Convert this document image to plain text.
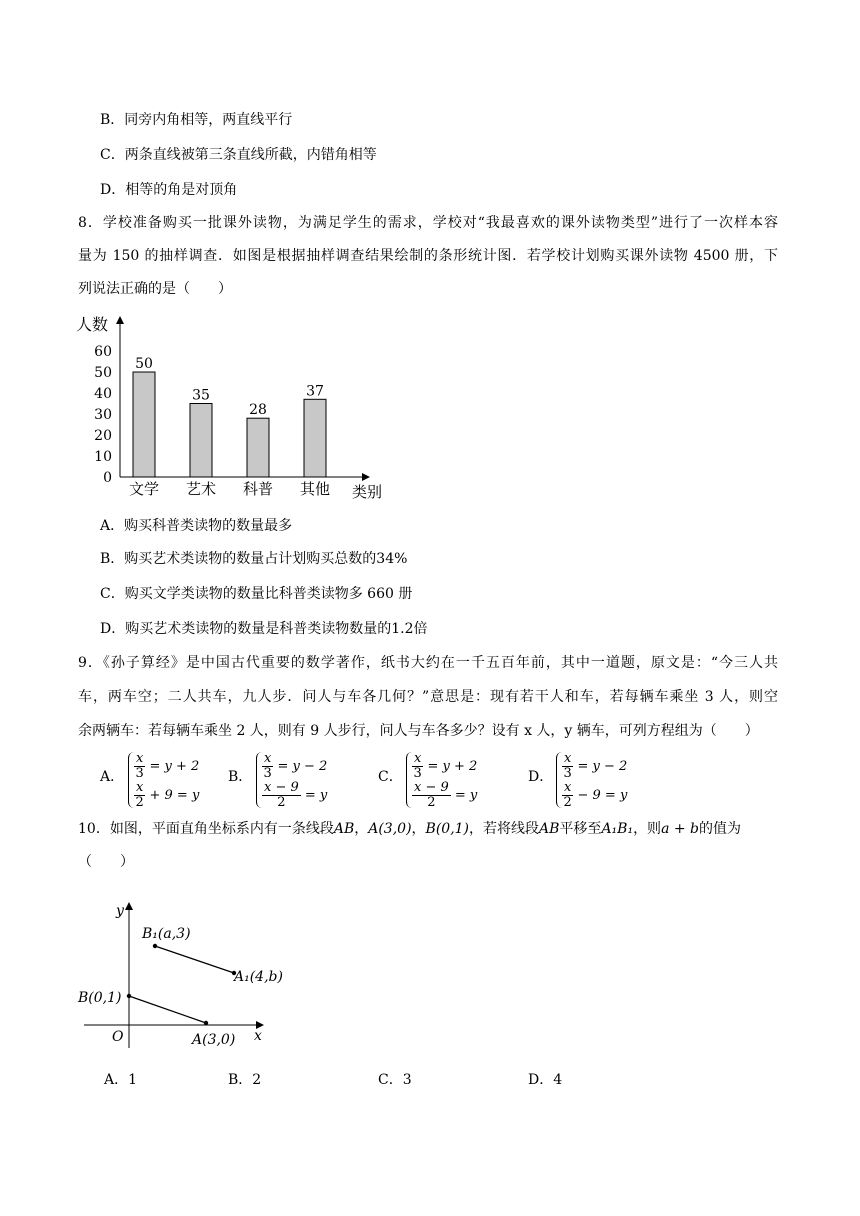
B．同旁内角相等，两直线平行
C．两条直线被第三条直线所截，内错角相等
D．相等的角是对顶角
8．学校准备购买一批课外读物，为满足学生的需求，学校对“我最喜欢的课外读物类型”进行了一次样本容
量为 150 的抽样调查．如图是根据抽样调查结果绘制的条形统计图．若学校计划购买课外读物 4500 册，下
列说法正确的是（　　）
人数
类别
0
10
20
30
40
50
60
50
文学
35
艺术
28
科普
37
其他
A．购买科普类读物的数量最多
B．购买艺术类读物的数量占计划购买总数的34%
C．购买文学类读物的数量比科普类读物多 660 册
D．购买艺术类读物的数量是科普类读物数量的1.2倍
9．《孙子算经》是中国古代重要的数学著作，纸书大约在一千五百年前，其中一道题，原文是：“今三人共
车，两车空；二人共车，九人步．问人与车各几何？”意思是：现有若干人和车，若每辆车乘坐 3 人，则空
余两辆车：若每辆车乘坐 2 人，则有 9 人步行，问人与车各多少？设有 x 人，y 辆车，可列方程组为（　　）
A． $\frac{x}{3} = y + 2$
$\frac{x}{2} + 9 = y$
B． $\frac{x}{3} = y - 2$
$\frac{x - 9}{2} = y$
C． $\frac{x}{3} = y + 2$
$\frac{x - 9}{2} = y$
D． $\frac{x}{3} = y - 2$
$\frac{x}{2} - 9 = y$
10．如图，平面直角坐标系内有一条线段AB，A(3,0)，B(0,1)，若将线段AB平移至A₁B₁，则a + b的值为
（　　）
y
x
O
B₁(a,3)
A₁(4,b)
B(0,1)
A(3,0)
A．1	B．2	C．3	D．4
